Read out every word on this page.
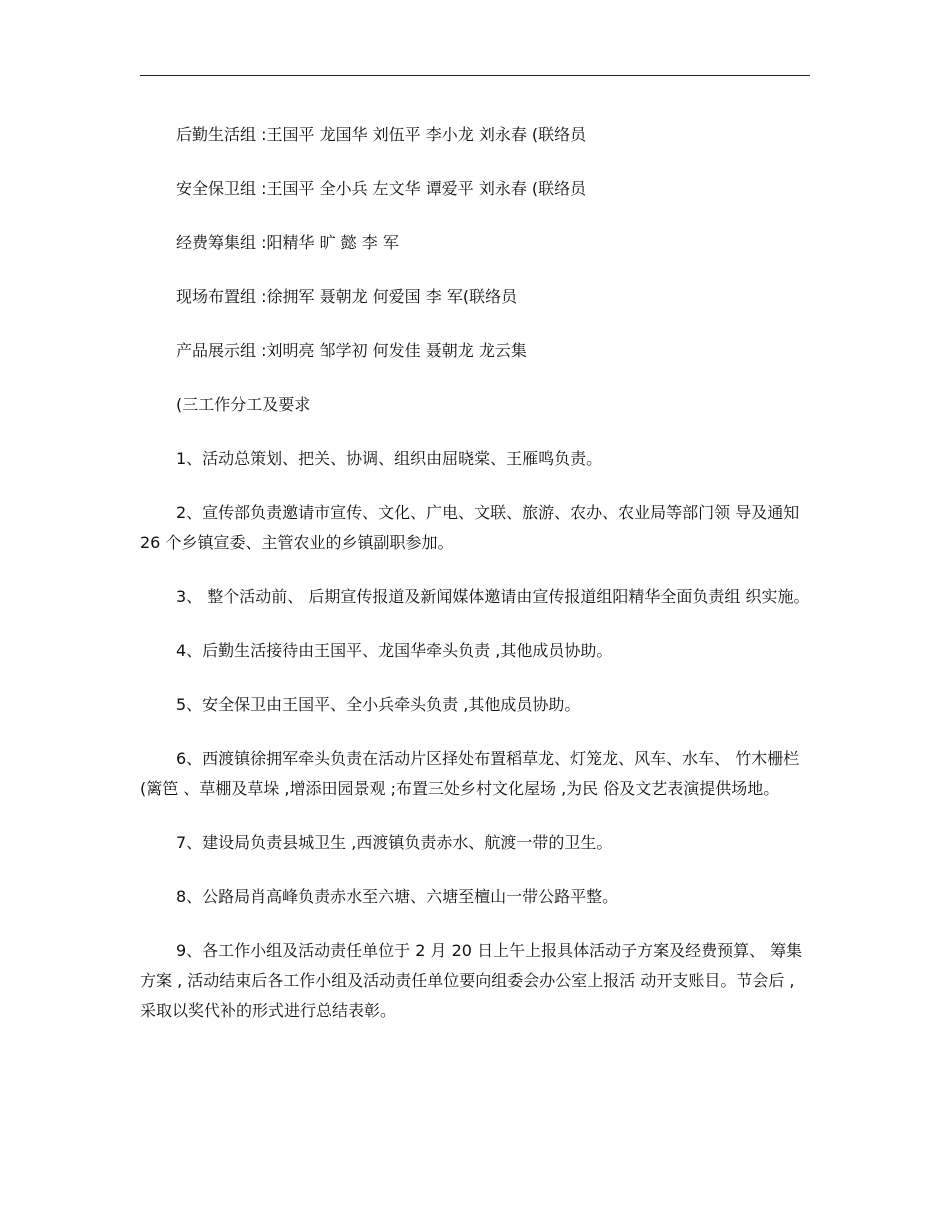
后勤生活组 :王国平 龙国华 刘伍平 李小龙 刘永春 (联络员

安全保卫组 :王国平 全小兵 左文华 谭爱平 刘永春 (联络员

经费筹集组 :阳精华 旷 懿 李 军

现场布置组 :徐拥军 聂朝龙 何爱国 李 军(联络员

产品展示组 :刘明亮 邹学初 何发佳 聂朝龙 龙云集

(三工作分工及要求

1、活动总策划、把关、协调、组织由屈晓棠、王雁鸣负责。

2、宣传部负责邀请市宣传、文化、广电、文联、旅游、农办、农业局等部门领 导及通知 26 个乡镇宣委、主管农业的乡镇副职参加。

3、 整个活动前、 后期宣传报道及新闻媒体邀请由宣传报道组阳精华全面负责组 织实施。

4、后勤生活接待由王国平、龙国华牵头负责 ,其他成员协助。

5、安全保卫由王国平、全小兵牵头负责 ,其他成员协助。

6、西渡镇徐拥军牵头负责在活动片区择处布置稻草龙、灯笼龙、风车、水车、 竹木栅栏 (篱笆 、草棚及草垛 ,增添田园景观 ;布置三处乡村文化屋场 ,为民 俗及文艺表演提供场地。

7、建设局负责县城卫生 ,西渡镇负责赤水、航渡一带的卫生。

8、公路局肖高峰负责赤水至六塘、六塘至檀山一带公路平整。

9、各工作小组及活动责任单位于 2 月 20 日上午上报具体活动子方案及经费预算、 筹集方案 , 活动结束后各工作小组及活动责任单位要向组委会办公室上报活 动开支账目。节会后 ,采取以奖代补的形式进行总结表彰。
